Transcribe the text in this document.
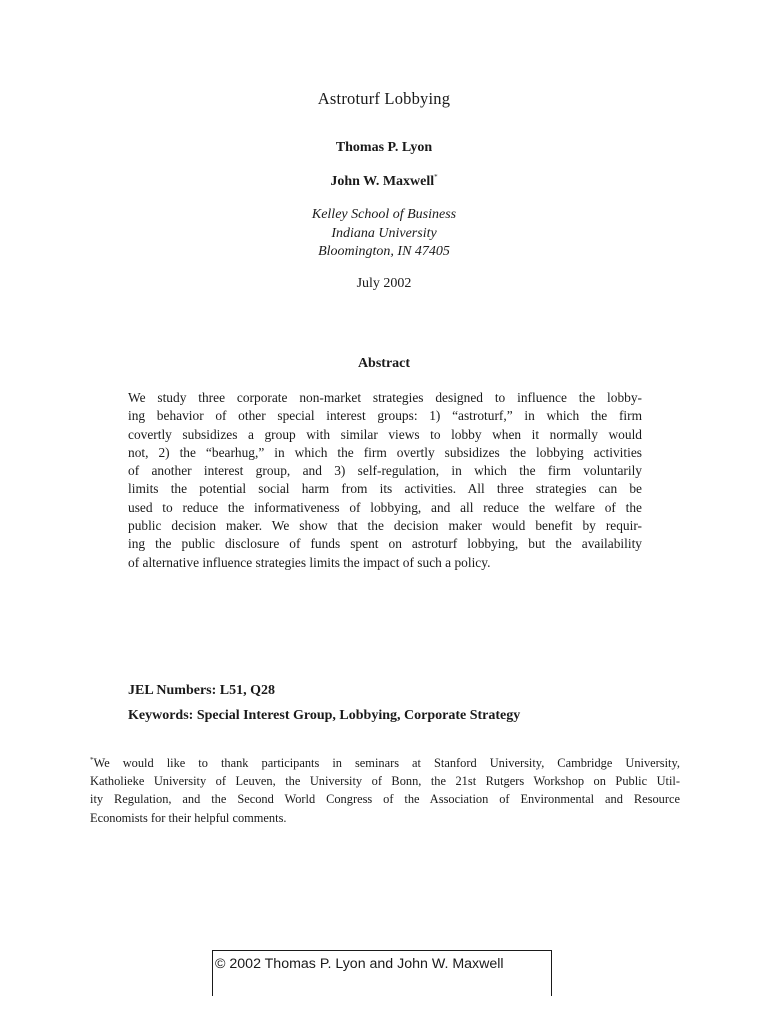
Astroturf Lobbying
Thomas P. Lyon
John W. Maxwell*
Kelley School of Business
Indiana University
Bloomington, IN 47405
July 2002
Abstract
We study three corporate non-market strategies designed to influence the lobby-
ing behavior of other special interest groups: 1) “astroturf,” in which the firm
covertly subsidizes a group with similar views to lobby when it normally would
not, 2) the “bearhug,” in which the firm overtly subsidizes the lobbying activities
of another interest group, and 3) self-regulation, in which the firm voluntarily
limits the potential social harm from its activities. All three strategies can be
used to reduce the informativeness of lobbying, and all reduce the welfare of the
public decision maker. We show that the decision maker would benefit by requir-
ing the public disclosure of funds spent on astroturf lobbying, but the availability
of alternative influence strategies limits the impact of such a policy.
JEL Numbers: L51, Q28
Keywords: Special Interest Group, Lobbying, Corporate Strategy
*We would like to thank participants in seminars at Stanford University, Cambridge University,
Katholieke University of Leuven, the University of Bonn, the 21st Rutgers Workshop on Public Util-
ity Regulation, and the Second World Congress of the Association of Environmental and Resource
Economists for their helpful comments.
© 2002 Thomas P. Lyon and John W. Maxwell
